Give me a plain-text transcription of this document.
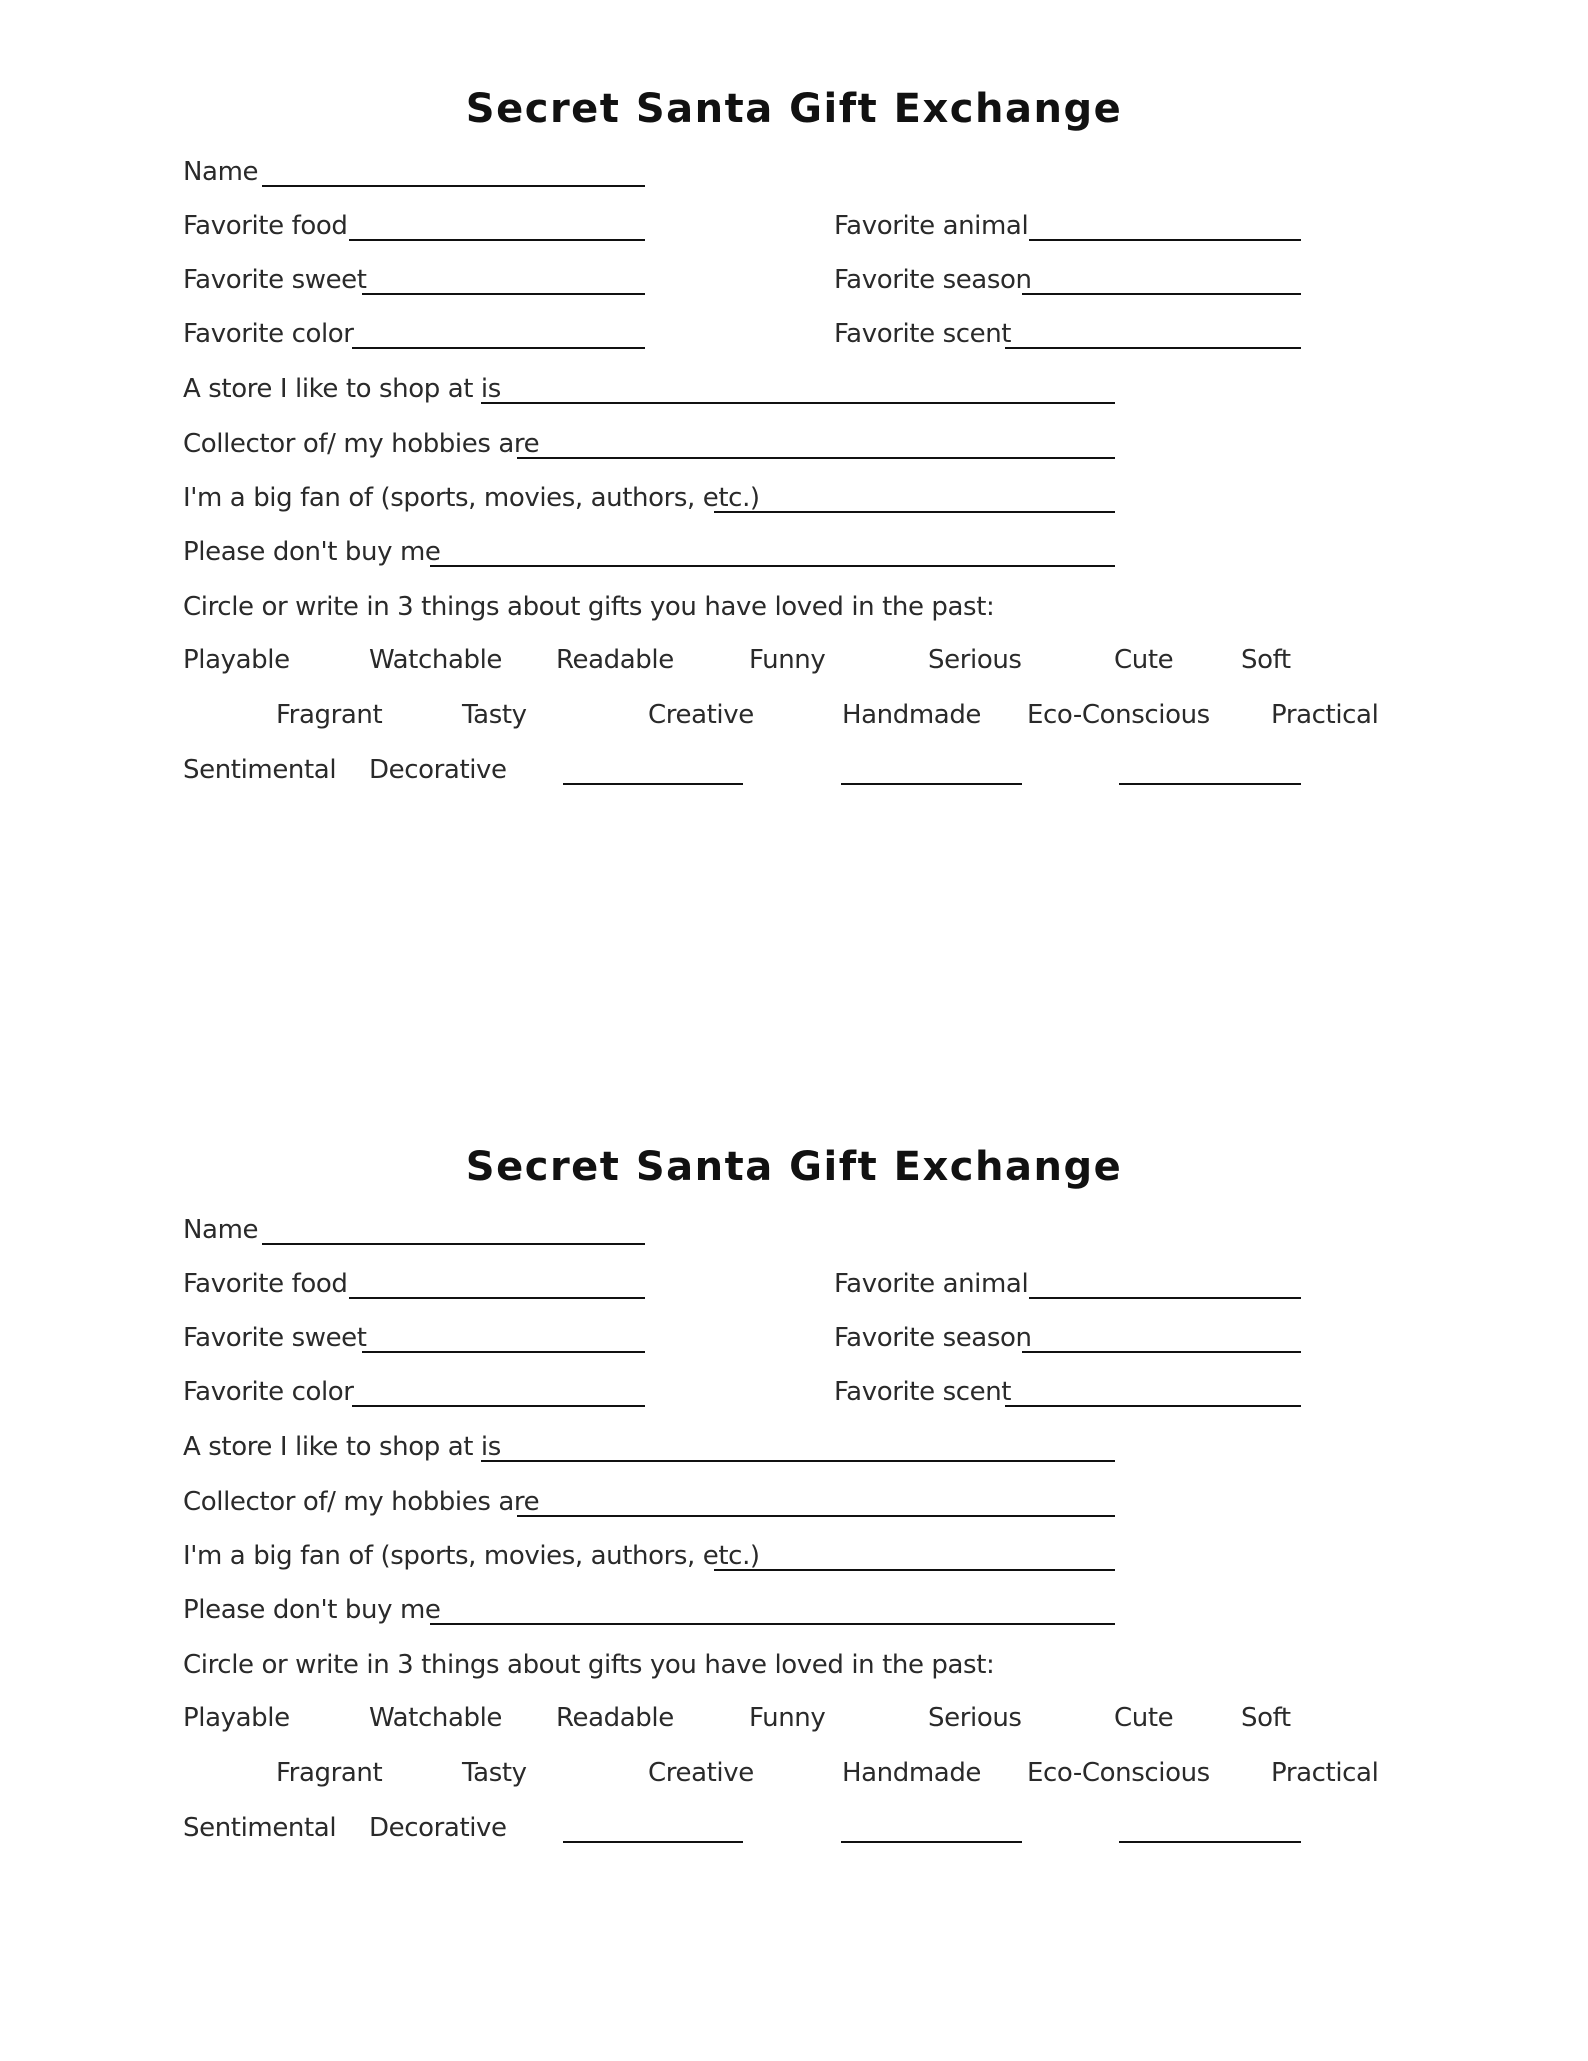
Secret Santa Gift Exchange
Name
Favorite food	Favorite animal
Favorite sweet	Favorite season
Favorite color	Favorite scent
A store I like to shop at is
Collector of/ my hobbies are
I'm a big fan of (sports, movies, authors, etc.)
Please don't buy me
Circle or write in 3 things about gifts you have loved in the past:
Playable	Watchable Readable	Funny	Serious	Cute	Soft
Fragrant	Tasty	Creative	Handmade Eco-Conscious Practical
Sentimental Decorative
Secret Santa Gift Exchange
Name
Favorite food	Favorite animal
Favorite sweet	Favorite season
Favorite color	Favorite scent
A store I like to shop at is
Collector of/ my hobbies are
I'm a big fan of (sports, movies, authors, etc.)
Please don't buy me
Circle or write in 3 things about gifts you have loved in the past:
Playable	Watchable Readable	Funny	Serious	Cute	Soft
Fragrant	Tasty	Creative	Handmade Eco-Conscious Practical
Sentimental Decorative
